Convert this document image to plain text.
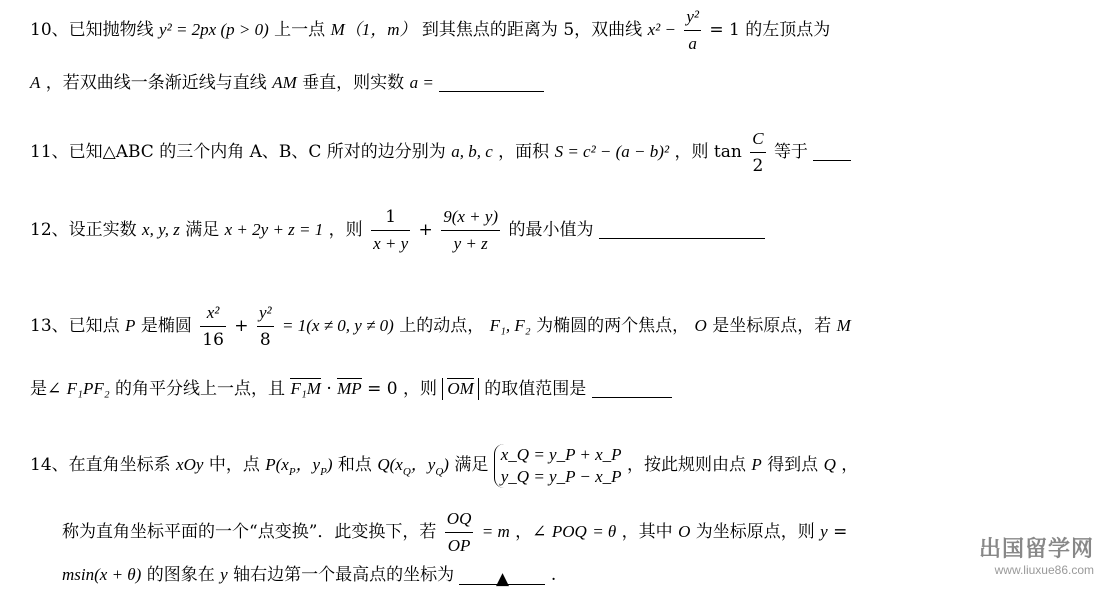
10、已知抛物线 y² = 2px (p > 0) 上一点 M（1，m） 到其焦点的距离为 5，双曲线 $x^2 - \frac{\text{y²}}{a} = 1$ 的左顶点为
A ，若双曲线一条渐近线与直线 AM 垂直，则实数 a =
11、已知△ABC 的三个内角 A、B、C 所对的边分别为 a, b, c ，面积 S = c² − (a − b)² ，则 $\tan \frac{C}{2}$ 等于
12、设正实数 x, y, z 满足 x + 2y + z = 1 ，则 $\frac{1}{x + y} + \frac{9(x + y)}{y + z}$ 的最小值为
13、已知点 P 是椭圆 $\frac{\text{x²}}{16} + \frac{\text{y²}}{8} = 1(x \ne 0$, y ≠ 0) 上的动点， F₁, F₂ 为椭圆的两个焦点， O 是坐标原点，若 M
是∠ F₁PF₂ 的角平分线上一点，且 F₁M · MP = 0 ，则 OM 的取值范围是
14、在直角坐标系 xOy 中，点 $P(x_P$，$y_P$) 和点 $Q(x_Q$，$y_Q$) 满足
x_Q = y_P + x_P
y_Q = y_P − x_P
，按此规则由点 P 得到点 Q ，
称为直角坐标平面的一个“点变换”．此变换下，若 $\frac{OQ}{OP} = m$ ，∠ POQ = θ ，其中 O 为坐标原点，则 y =
msin(x + θ) 的图象在 y 轴右边第一个最高点的坐标为 ▲ .
出国留学网
www.liuxue86.com
